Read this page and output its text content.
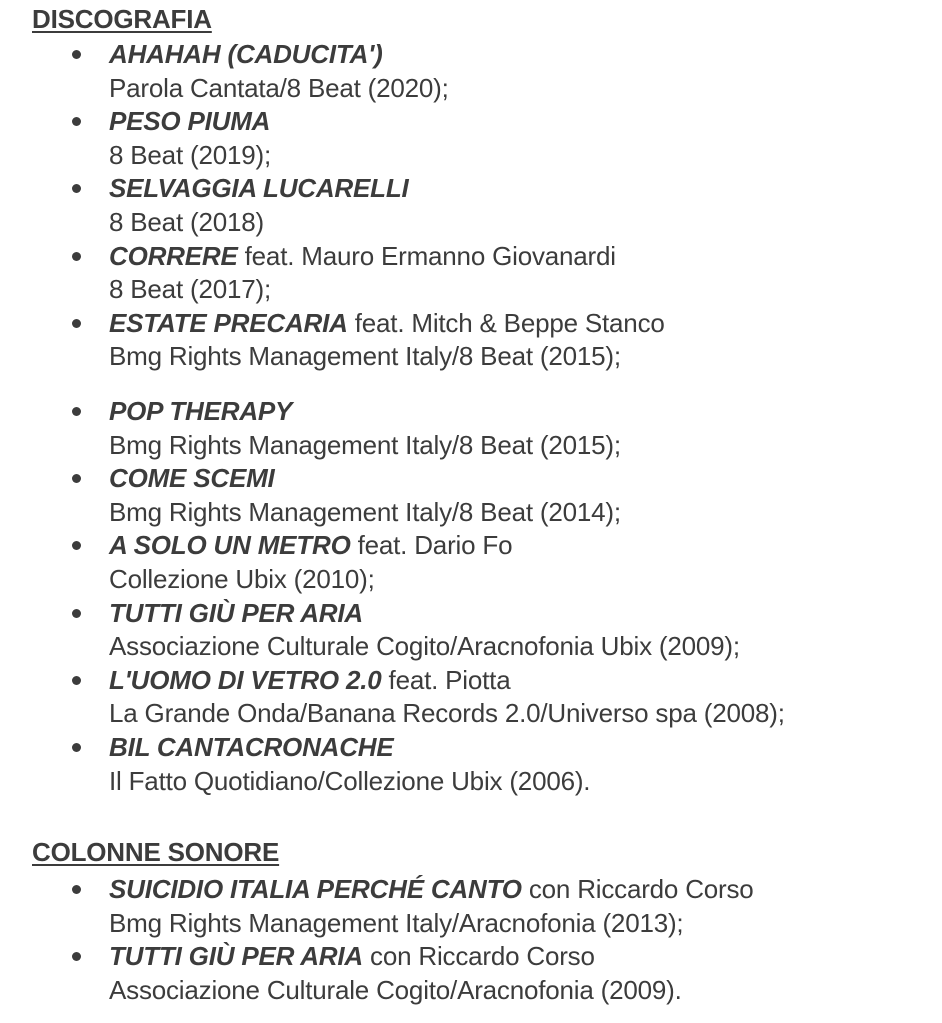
DISCOGRAFIA
AHAHAH (CADUCITA')
Parola Cantata/8 Beat (2020);
PESO PIUMA
8 Beat (2019);
SELVAGGIA LUCARELLI
8 Beat (2018)
CORRERE feat. Mauro Ermanno Giovanardi
8 Beat (2017);
ESTATE PRECARIA feat. Mitch & Beppe Stanco
Bmg Rights Management Italy/8 Beat (2015);
POP THERAPY
Bmg Rights Management Italy/8 Beat (2015);
COME SCEMI
Bmg Rights Management Italy/8 Beat (2014);
A SOLO UN METRO feat. Dario Fo
Collezione Ubix (2010);
TUTTI GIÙ PER ARIA
Associazione Culturale Cogito/Aracnofonia Ubix (2009);
L'UOMO DI VETRO 2.0 feat. Piotta
La Grande Onda/Banana Records 2.0/Universo spa (2008);
BIL CANTACRONACHE
Il Fatto Quotidiano/Collezione Ubix (2006).
COLONNE SONORE
SUICIDIO ITALIA PERCHÉ CANTO con Riccardo Corso
Bmg Rights Management Italy/Aracnofonia (2013);
TUTTI GIÙ PER ARIA con Riccardo Corso
Associazione Culturale Cogito/Aracnofonia (2009).
